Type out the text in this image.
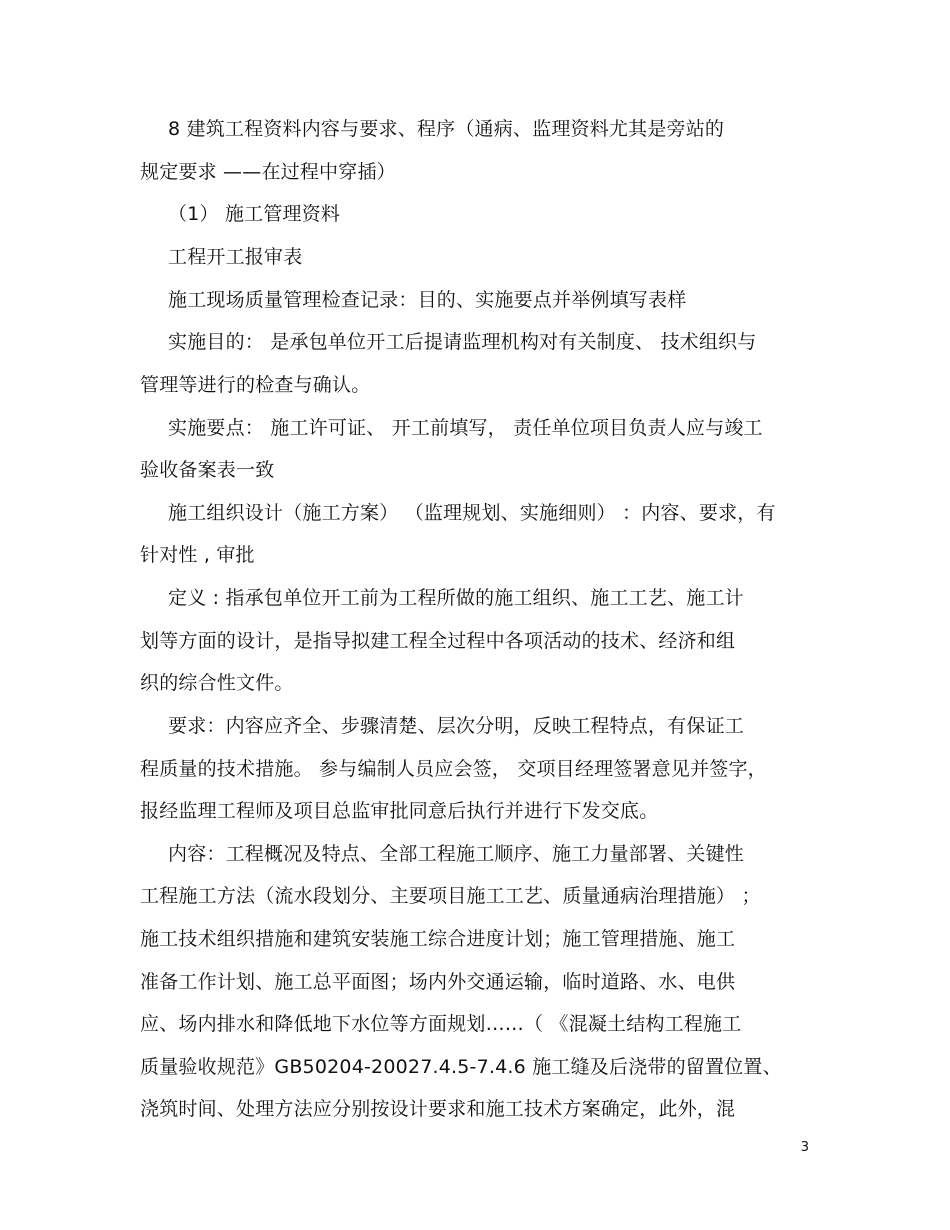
8 建筑工程资料内容与要求、程序（通病、监理资料尤其是旁站的
规定要求 ——在过程中穿插）
（1） 施工管理资料
工程开工报审表
施工现场质量管理检查记录：目的、实施要点并举例填写表样
实施目的： 是承包单位开工后提请监理机构对有关制度、 技术组织与
管理等进行的检查与确认。
实施要点： 施工许可证、 开工前填写， 责任单位项目负责人应与竣工
验收备案表一致
施工组织设计（施工方案） （监理规划、实施细则） ：内容、要求，有
针对性 , 审批
定义 : 指承包单位开工前为工程所做的施工组织、施工工艺、施工计
划等方面的设计，是指导拟建工程全过程中各项活动的技术、经济和组
织的综合性文件。
要求：内容应齐全、步骤清楚、层次分明，反映工程特点，有保证工
程质量的技术措施。 参与编制人员应会签， 交项目经理签署意见并签字，
报经监理工程师及项目总监审批同意后执行并进行下发交底。
内容：工程概况及特点、全部工程施工顺序、施工力量部署、关键性
工程施工方法（流水段划分、主要项目施工工艺、质量通病治理措施） ；
施工技术组织措施和建筑安装施工综合进度计划；施工管理措施、施工
准备工作计划、施工总平面图；场内外交通运输，临时道路、水、电供
应、场内排水和降低地下水位等方面规划……（ 《混凝土结构工程施工
质量验收规范》GB50204-20027.4.5-7.4.6 施工缝及后浇带的留置位置、
浇筑时间、处理方法应分别按设计要求和施工技术方案确定，此外，混
3
